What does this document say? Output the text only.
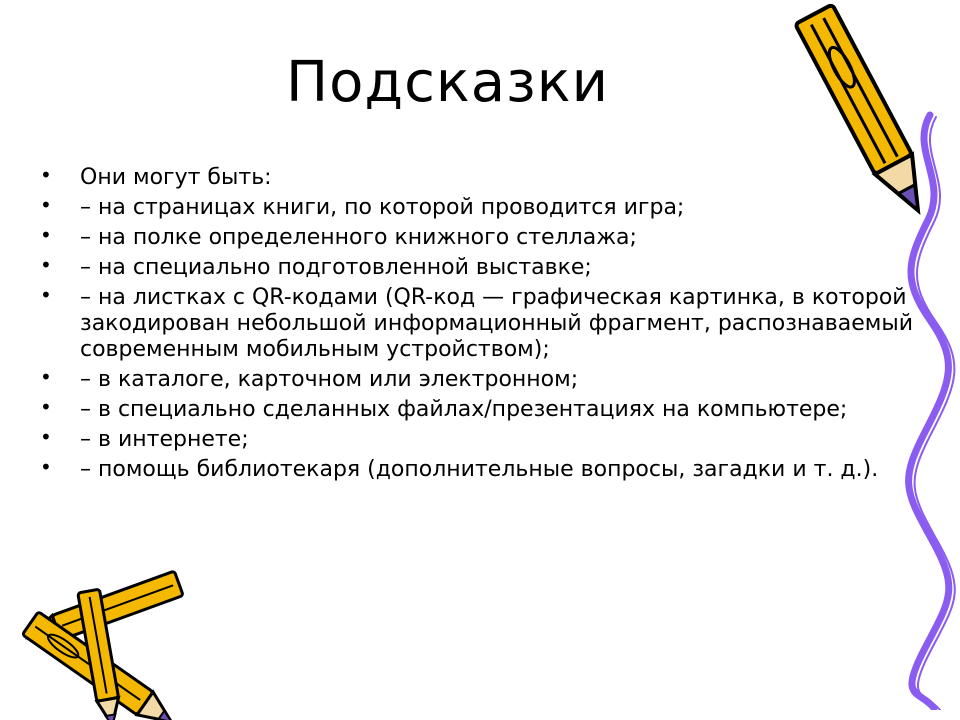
Подсказки
• Они могут быть:
• – на страницах книги, по которой проводится игра;
• – на полке определенного книжного стеллажа;
• – на специально подготовленной выставке;
• – на листках с QR-кодами (QR-код — графическая картинка, в которой закодирован небольшой информационный фрагмент, распознаваемый современным мобильным устройством);
• – в каталоге, карточном или электронном;
• – в специально сделанных файлах/презентациях на компьютере;
• – в интернете;
• – помощь библиотекаря (дополнительные вопросы, загадки и т. д.).
